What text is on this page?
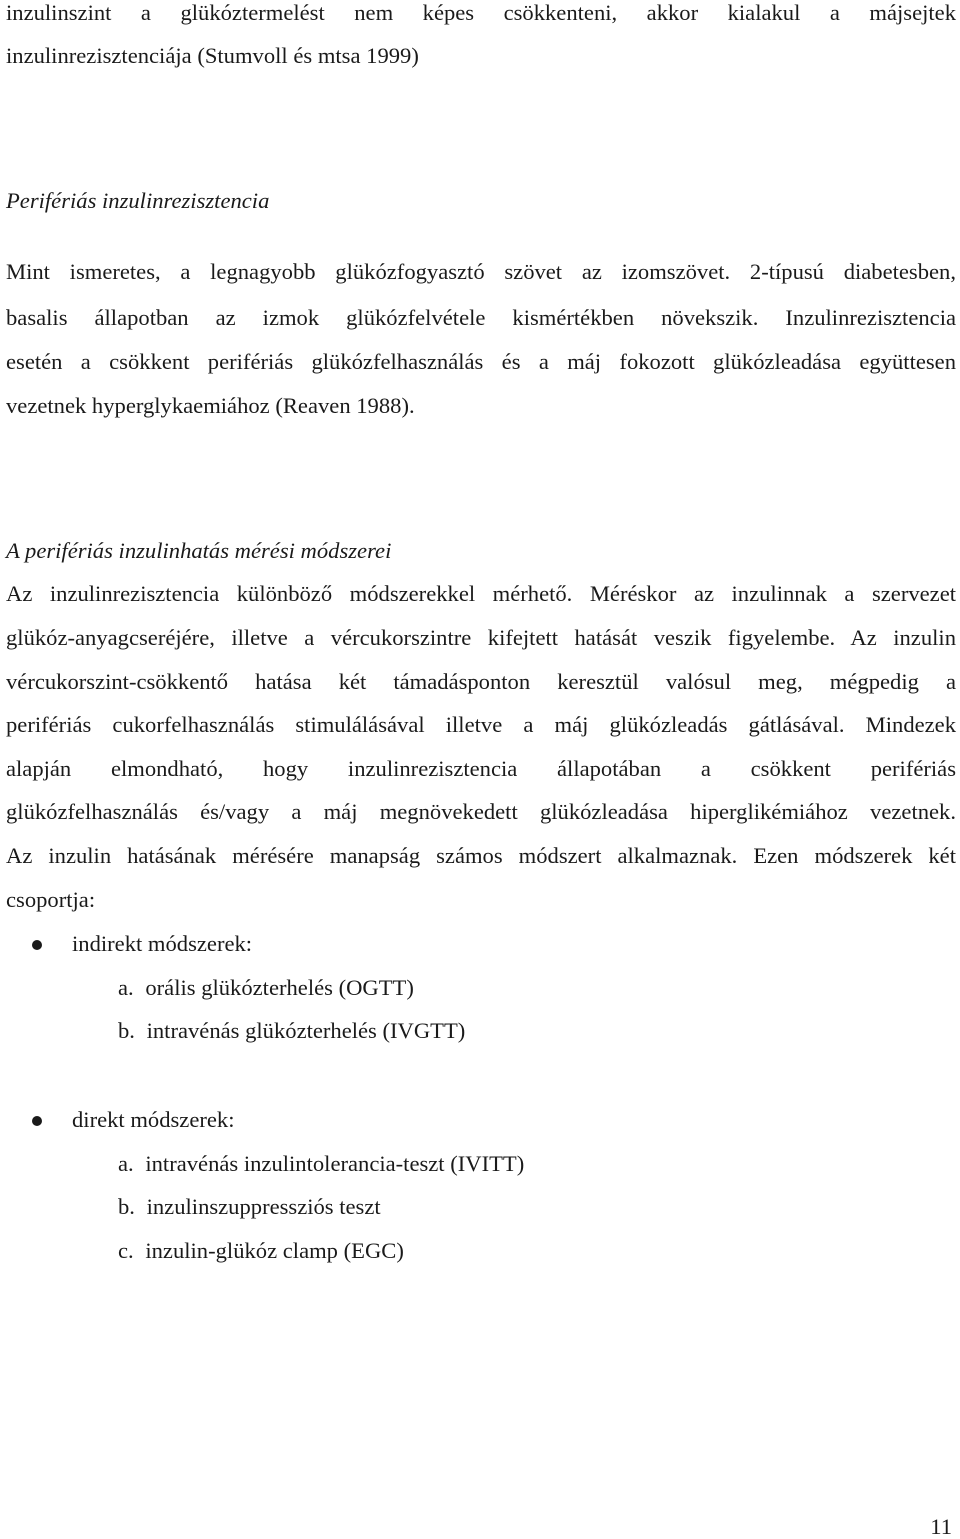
inzulinszint a glükóztermelést nem képes csökkenteni, akkor kialakul a májsejtek
inzulinrezisztenciája (Stumvoll és mtsa 1999)
Perifériás inzulinrezisztencia
Mint ismeretes, a legnagyobb glükózfogyasztó szövet az izomszövet. 2-típusú diabetesben,
basalis állapotban az izmok glükózfelvétele kismértékben növekszik. Inzulinrezisztencia
esetén a csökkent perifériás glükózfelhasználás és a máj fokozott glükózleadása együttesen
vezetnek hyperglykaemiához (Reaven 1988).
A perifériás inzulinhatás mérési módszerei
Az inzulinrezisztencia különböző módszerekkel mérhető. Méréskor az inzulinnak a szervezet
glükóz-anyagcseréjére, illetve a vércukorszintre kifejtett hatását veszik figyelembe. Az inzulin
vércukorszint-csökkentő hatása két támadásponton keresztül valósul meg, mégpedig a
perifériás cukorfelhasználás stimulálásával illetve a máj glükózleadás gátlásával. Mindezek
alapján elmondható, hogy inzulinrezisztencia állapotában a csökkent perifériás
glükózfelhasználás és/vagy a máj megnövekedett glükózleadása hiperglikémiához vezetnek.
Az inzulin hatásának mérésére manapság számos módszert alkalmaznak. Ezen módszerek két
csoportja:
indirekt módszerek:
a. orális glükózterhelés (OGTT)
b. intravénás glükózterhelés (IVGTT)
direkt módszerek:
a. intravénás inzulintolerancia-teszt (IVITT)
b. inzulinszuppressziós teszt
c. inzulin-glükóz clamp (EGC)
11
